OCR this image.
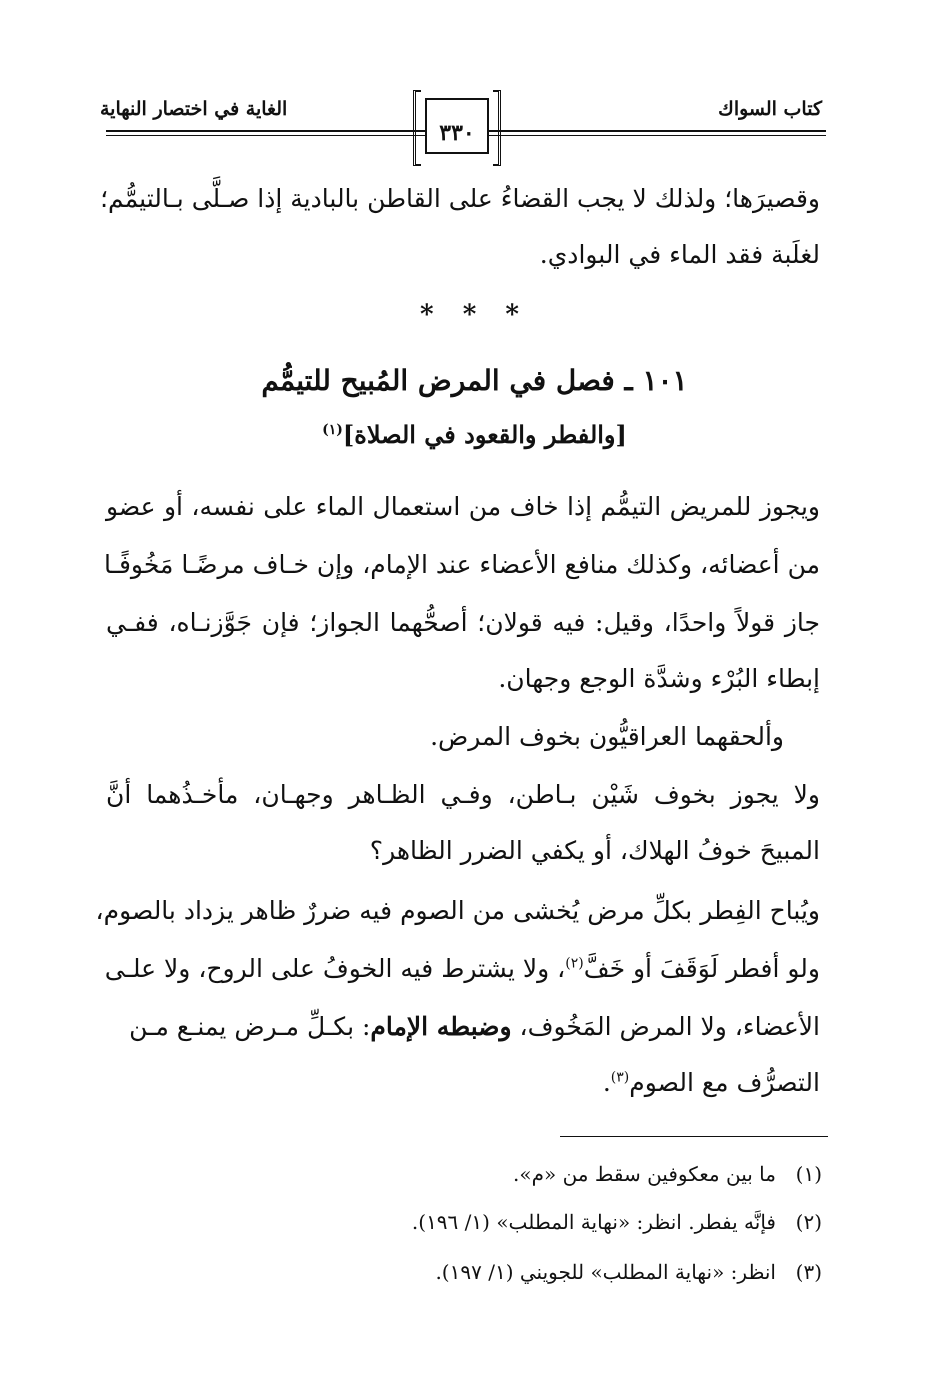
كتاب السواك
الغاية في اختصار النهاية
٣٣٠
وقصيرَها؛ ولذلك لا يجب القضاءُ على القاطن بالبادية إذا صـلَّى بـالتيمُّم؛
لغلَبة فقد الماء في البوادي.
* * *
١٠١ ـ فصل في المرض المُبيح للتيمُّم
[والفطر والقعود في الصلاة]$^{(١)}$
ويجوز للمريض التيمُّم إذا خاف من استعمال الماء على نفسه، أو عضو
من أعضائه، وكذلك منافع الأعضاء عند الإمام، وإن خـاف مرضًـا مَخُوفًـا
جاز قولاً واحدًا، وقيل: فيه قولان؛ أصحُّهما الجواز؛ فإن جَوَّزنـاه، ففـي
إبطاء البُرْء وشدَّة الوجع وجهان.
وألحقهما العراقيُّون بخوف المرض.
ولا يجوز بخوف شَيْن بـاطن، وفـي الظـاهر وجهـان، مأخـذُهما أنَّ
المبيحَ خوفُ الهلاك، أو يكفي الضرر الظاهر؟
ويُباح الفِطر بكلِّ مرض يُخشى من الصوم فيه ضررٌ ظاهر يزداد بالصوم،
ولو أفطر لَوَقَفَ أو خَفَّ$^{(٢)}$، ولا يشترط فيه الخوفُ على الروح، ولا علـى
الأعضاء، ولا المرض المَخُوف، وضبطه الإمام: بكـلِّ مـرض يمنـع مـن
التصرُّف مع الصوم$^{(٣)}$.
(١)ما بين معكوفين سقط من «م».
(٢)فإنَّه يفطر. انظر: «نهاية المطلب» (١/ ١٩٦).
(٣)انظر: «نهاية المطلب» للجويني (١/ ١٩٧).
